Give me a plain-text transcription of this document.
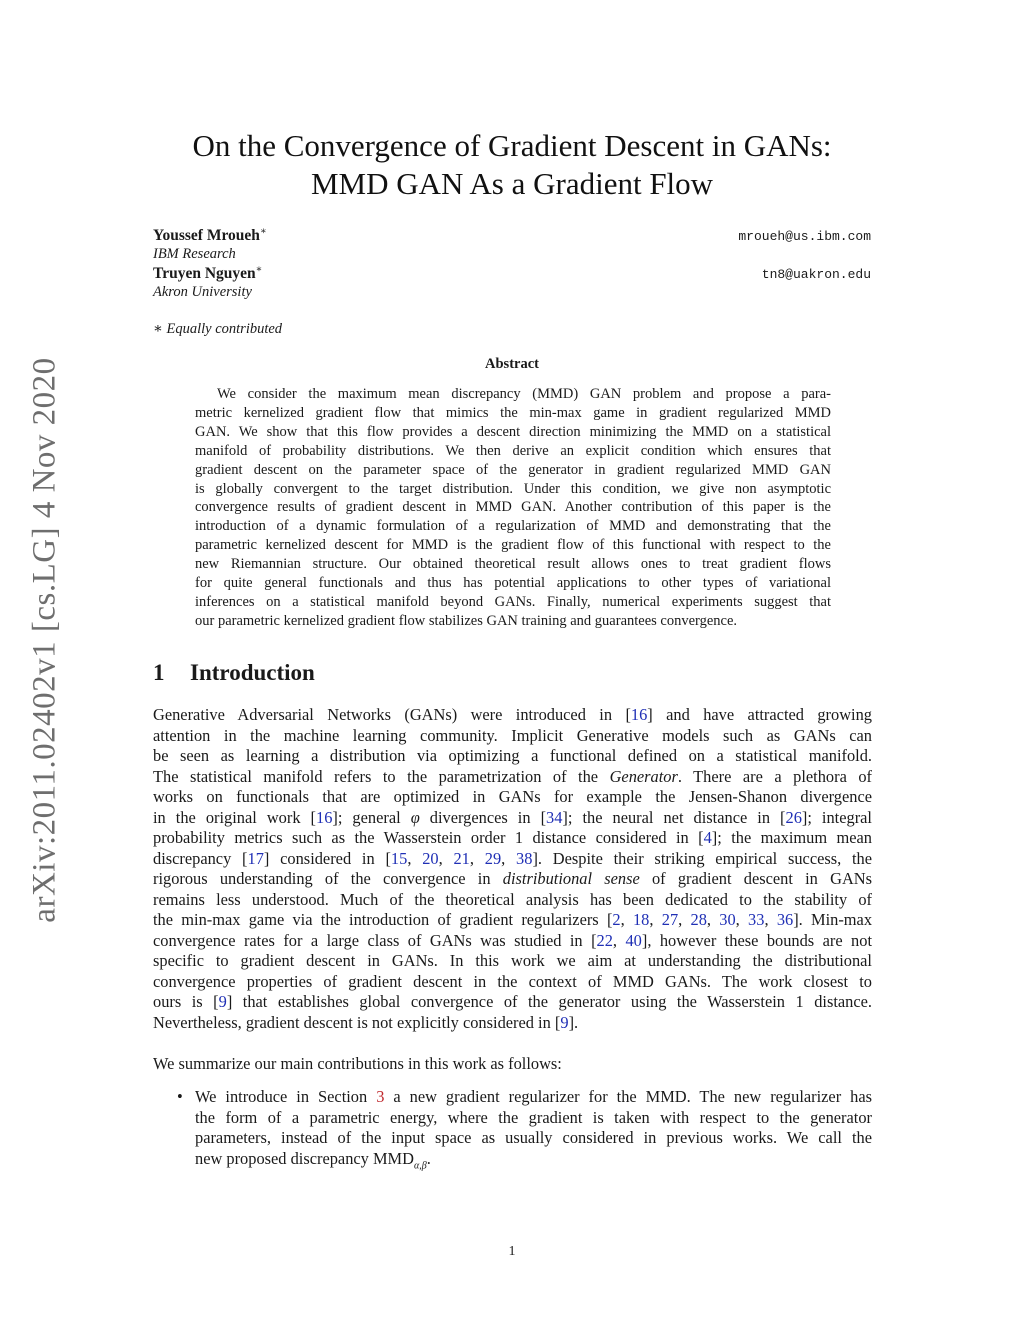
arXiv:2011.02402v1 [cs.LG] 4 Nov 2020
On the Convergence of Gradient Descent in GANs:
MMD GAN As a Gradient Flow
Youssef Mroueh∗	mroueh@us.ibm.com
IBM Research
Truyen Nguyen∗	tn8@uakron.edu
Akron University
∗ Equally contributed
Abstract
We consider the maximum mean discrepancy (MMD) GAN problem and propose a para-
metric kernelized gradient flow that mimics the min-max game in gradient regularized MMD
GAN. We show that this flow provides a descent direction minimizing the MMD on a statistical
manifold of probability distributions. We then derive an explicit condition which ensures that
gradient descent on the parameter space of the generator in gradient regularized MMD GAN
is globally convergent to the target distribution. Under this condition, we give non asymptotic
convergence results of gradient descent in MMD GAN. Another contribution of this paper is the
introduction of a dynamic formulation of a regularization of MMD and demonstrating that the
parametric kernelized descent for MMD is the gradient flow of this functional with respect to the
new Riemannian structure. Our obtained theoretical result allows ones to treat gradient flows
for quite general functionals and thus has potential applications to other types of variational
inferences on a statistical manifold beyond GANs. Finally, numerical experiments suggest that
our parametric kernelized gradient flow stabilizes GAN training and guarantees convergence.
1 Introduction
Generative Adversarial Networks (GANs) were introduced in [16] and have attracted growing
attention in the machine learning community. Implicit Generative models such as GANs can
be seen as learning a distribution via optimizing a functional defined on a statistical manifold.
The statistical manifold refers to the parametrization of the Generator. There are a plethora of
works on functionals that are optimized in GANs for example the Jensen-Shanon divergence
in the original work [16]; general φ divergences in [34]; the neural net distance in [26]; integral
probability metrics such as the Wasserstein order 1 distance considered in [4]; the maximum mean
discrepancy [17] considered in [15, 20, 21, 29, 38]. Despite their striking empirical success, the
rigorous understanding of the convergence in distributional sense of gradient descent in GANs
remains less understood. Much of the theoretical analysis has been dedicated to the stability of
the min-max game via the introduction of gradient regularizers [2, 18, 27, 28, 30, 33, 36]. Min-max
convergence rates for a large class of GANs was studied in [22, 40], however these bounds are not
specific to gradient descent in GANs. In this work we aim at understanding the distributional
convergence properties of gradient descent in the context of MMD GANs. The work closest to
ours is [9] that establishes global convergence of the generator using the Wasserstein 1 distance.
Nevertheless, gradient descent is not explicitly considered in [9].
We summarize our main contributions in this work as follows:
• We introduce in Section 3 a new gradient regularizer for the MMD. The new regularizer has
the form of a parametric energy, where the gradient is taken with respect to the generator
parameters, instead of the input space as usually considered in previous works. We call the
new proposed discrepancy $MMD_{\alpha,\beta}$.
1
